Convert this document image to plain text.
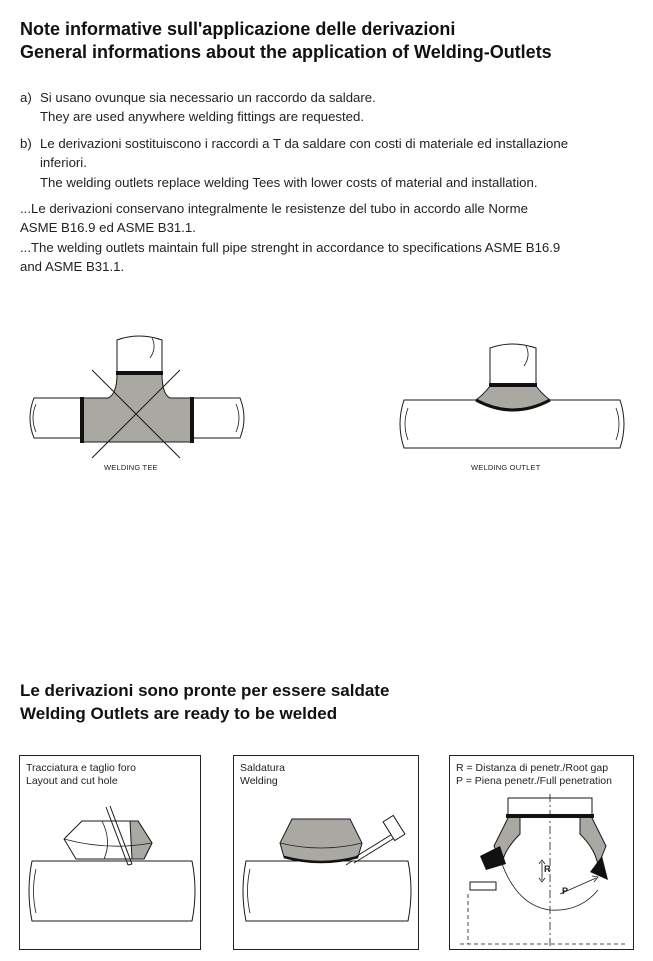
Note informative sull'applicazione delle derivazioni
General informations about the application of Welding-Outlets
a) Si usano ovunque sia necessario un raccordo da saldare.
They are used anywhere welding fittings are requested.
b) Le derivazioni sostituiscono i raccordi a T da saldare con costi di materiale ed installazione
inferiori.
The welding outlets replace welding Tees with lower costs of material and installation.
...Le derivazioni conservano integralmente le resistenze del tubo in accordo alle Norme
ASME B16.9 ed ASME B31.1.
...The welding outlets maintain full pipe strenght in accordance to specifications ASME B16.9
and ASME B31.1.
WELDING TEE	WELDING OUTLET
Le derivazioni sono pronte per essere saldate
Welding Outlets are ready to be welded
Tracciatura e taglio foro
Layout and cut hole
Saldatura
Welding
R = Distanza di penetr./Root gap
P = Piena penetr./Full penetration
R
P
